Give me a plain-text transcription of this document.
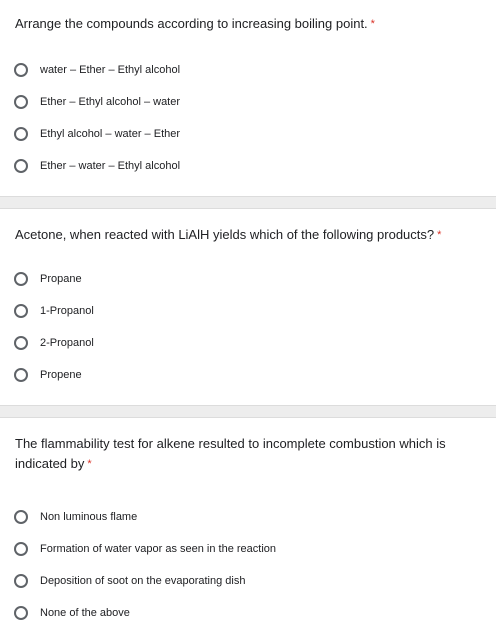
Arrange the compounds according to increasing boiling point. *
water – Ether – Ethyl alcohol
Ether – Ethyl alcohol – water
Ethyl alcohol – water – Ether
Ether – water – Ethyl alcohol
Acetone, when reacted with LiAlH yields which of the following products? *
Propane
1-Propanol
2-Propanol
Propene
The flammability test for alkene resulted to incomplete combustion which is indicated by *
Non luminous flame
Formation of water vapor as seen in the reaction
Deposition of soot on the evaporating dish
None of the above
